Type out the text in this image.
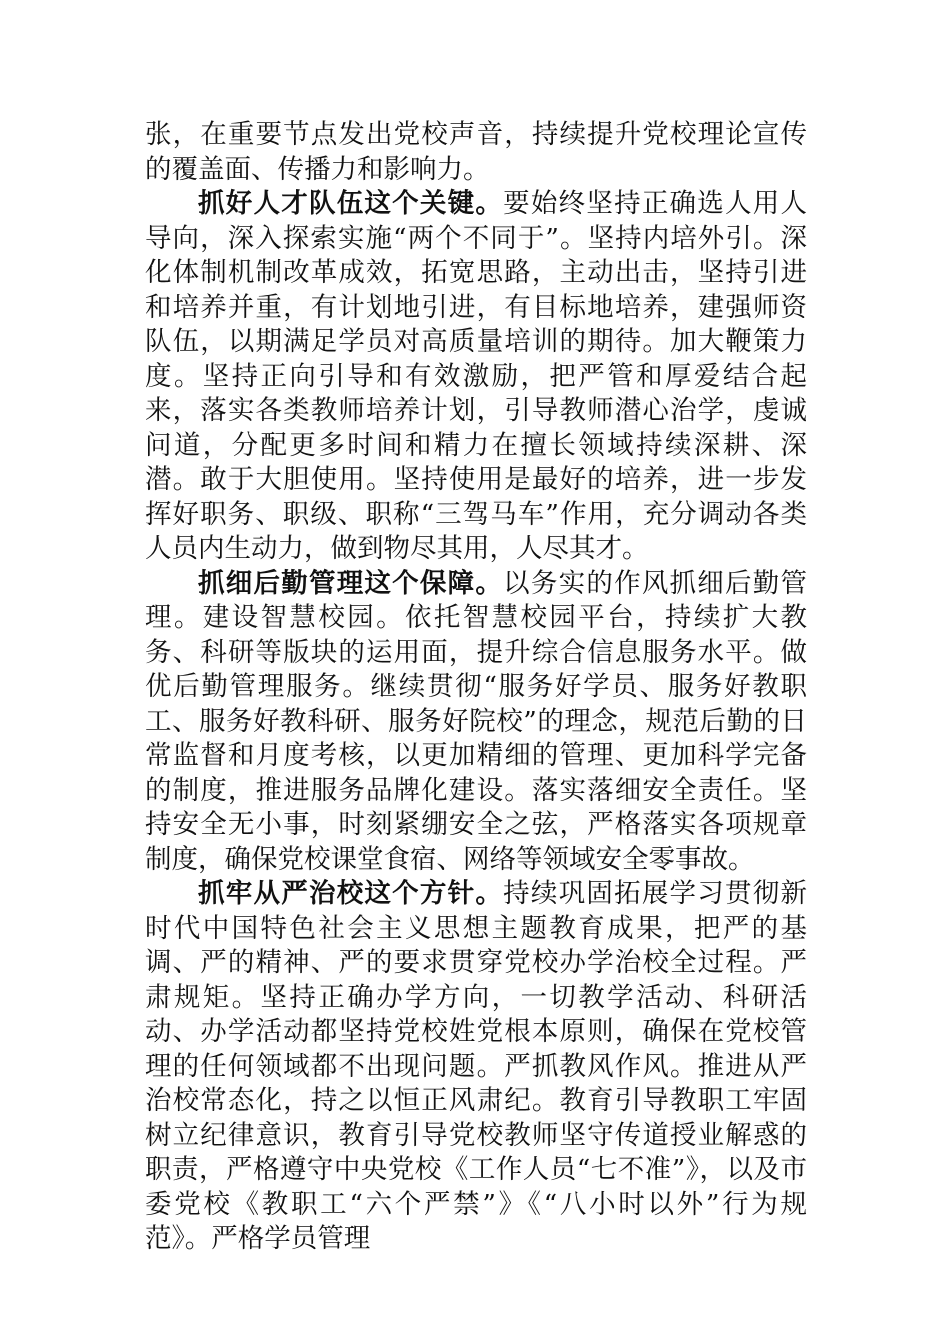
张，在重要节点发出党校声音，持续提升党校理论宣传的覆盖面、传播力和影响力。

抓好人才队伍这个关键。要始终坚持正确选人用人导向，深入探索实施“两个不同于”。坚持内培外引。深化体制机制改革成效，拓宽思路，主动出击，坚持引进和培养并重，有计划地引进，有目标地培养，建强师资队伍，以期满足学员对高质量培训的期待。加大鞭策力度。坚持正向引导和有效激励，把严管和厚爱结合起来，落实各类教师培养计划，引导教师潜心治学，虔诚问道，分配更多时间和精力在擅长领域持续深耕、深潜。敢于大胆使用。坚持使用是最好的培养，进一步发挥好职务、职级、职称“三驾马车”作用，充分调动各类人员内生动力，做到物尽其用，人尽其才。

抓细后勤管理这个保障。以务实的作风抓细后勤管理。建设智慧校园。依托智慧校园平台，持续扩大教务、科研等版块的运用面，提升综合信息服务水平。做优后勤管理服务。继续贯彻“服务好学员、服务好教职工、服务好教科研、服务好院校”的理念，规范后勤的日常监督和月度考核，以更加精细的管理、更加科学完备的制度，推进服务品牌化建设。落实落细安全责任。坚持安全无小事，时刻紧绷安全之弦，严格落实各项规章制度，确保党校课堂食宿、网络等领域安全零事故。

抓牢从严治校这个方针。持续巩固拓展学习贯彻新时代中国特色社会主义思想主题教育成果，把严的基调、严的精神、严的要求贯穿党校办学治校全过程。严肃规矩。坚持正确办学方向，一切教学活动、科研活动、办学活动都坚持党校姓党根本原则，确保在党校管理的任何领域都不出现问题。严抓教风作风。推进从严治校常态化，持之以恒正风肃纪。教育引导教职工牢固树立纪律意识，教育引导党校教师坚守传道授业解惑的职责，严格遵守中央党校《工作人员“七不准”》，以及市委党校《教职工“六个严禁”》《“八小时以外”行为规范》。严格学员管理
